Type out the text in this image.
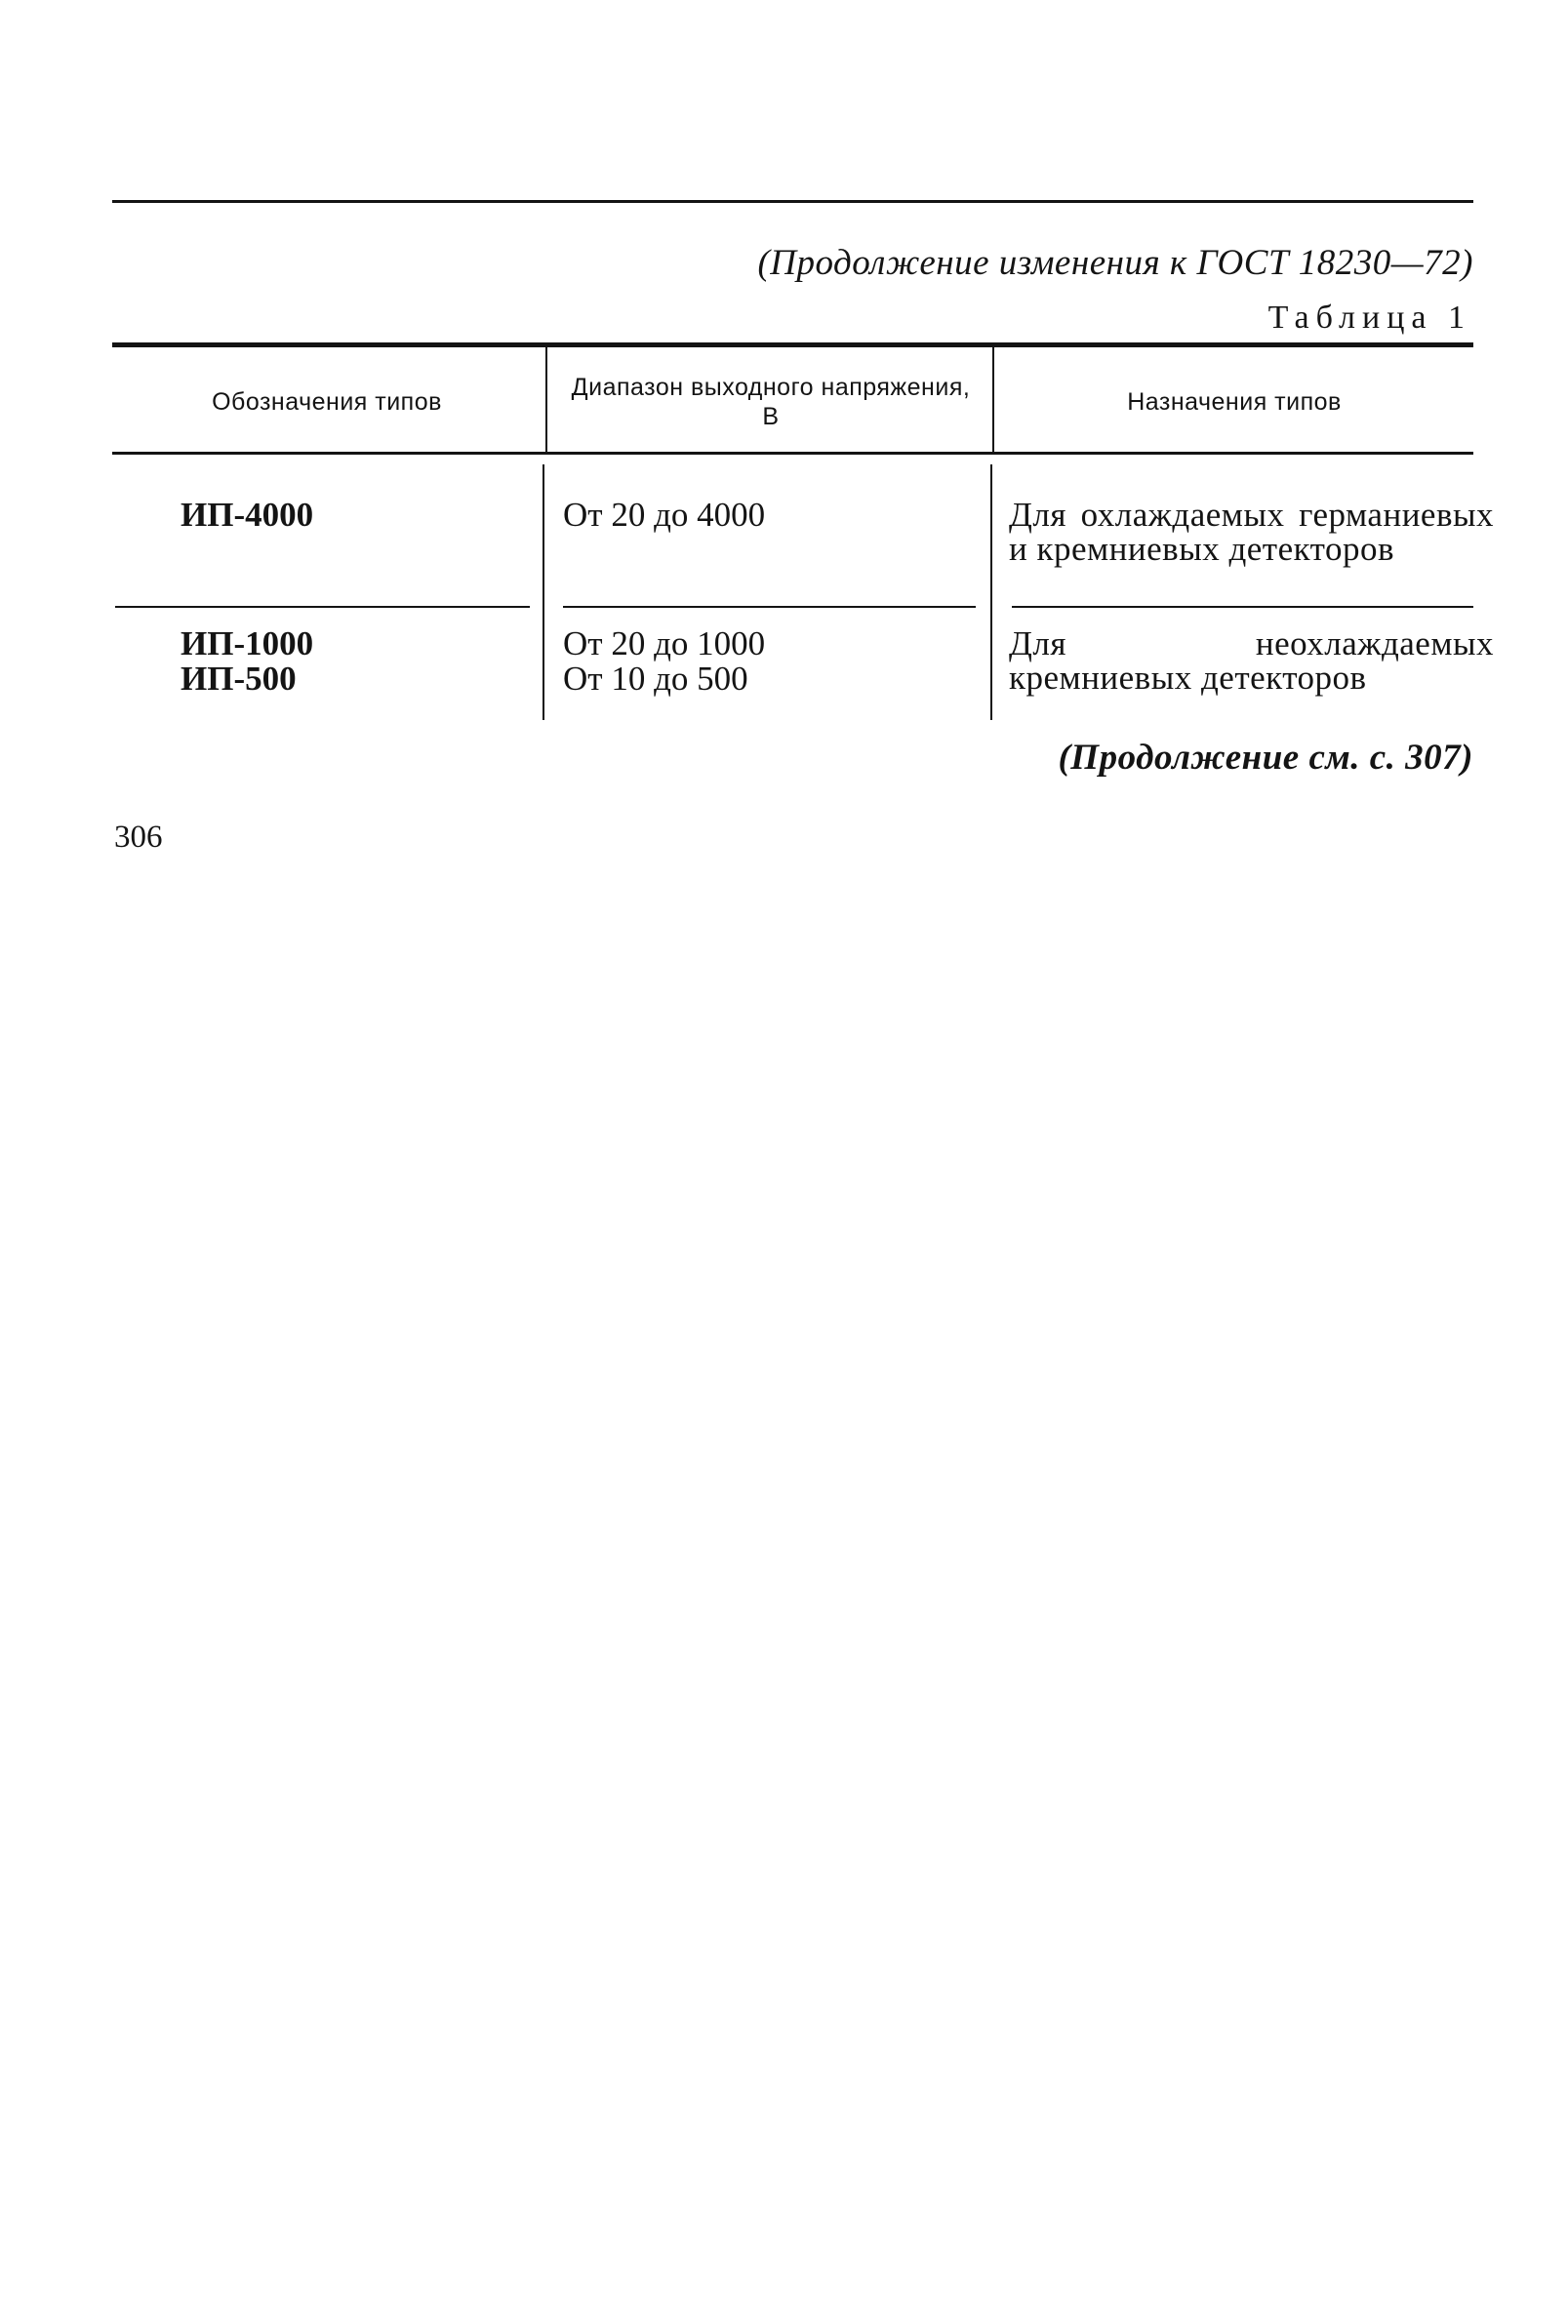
(Продолжение изменения к ГОСТ 18230—72)
Таблица 1
Обозначения типов
Диапазон выходного напряжения, В
Назначения типов
ИП-4000	От 20 до 4000	Для охлаждаемых германиевых и кремниевых детекторов
ИП-1000
ИП-500
От 20 до 1000
От 10 до 500
Для неохлаждаемых кремниевых детекторов
(Продолжение см. с. 307)
306
